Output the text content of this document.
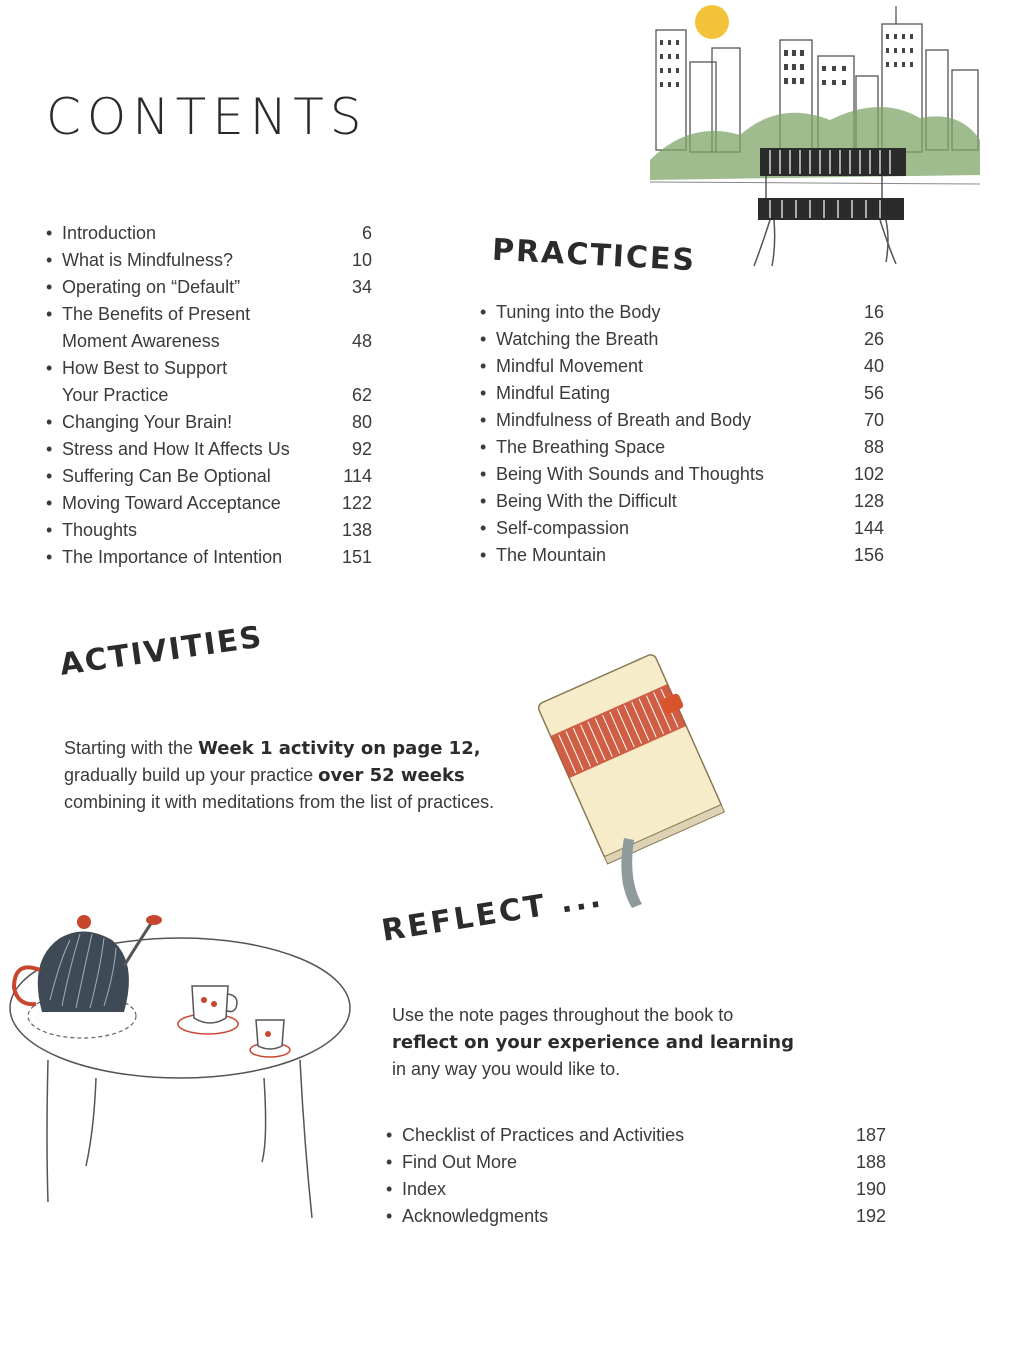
CONTENTS
• Introduction	6
• What is Mindfulness?	10
• Operating on “Default”	34
• The Benefits of Present
Moment Awareness	48
• How Best to Support
Your Practice	62
• Changing Your Brain!	80
• Stress and How It Affects Us	92
• Suffering Can Be Optional	114
• Moving Toward Acceptance	122
• Thoughts	138
• The Importance of Intention	151
PRACTICES
• Tuning into the Body	16
• Watching the Breath	26
• Mindful Movement	40
• Mindful Eating	56
• Mindfulness of Breath and Body	70
• The Breathing Space	88
• Being With Sounds and Thoughts	102
• Being With the Difficult	128
• Self-compassion	144
• The Mountain	156
ACTIVITIES
Starting with the Week 1 activity on page 12,
gradually build up your practice over 52 weeks
combining it with meditations from the list of practices.
REFLECT ...
Use the note pages throughout the book to
reflect on your experience and learning
in any way you would like to.
• Checklist of Practices and Activities	187
• Find Out More	188
• Index	190
• Acknowledgments	192
